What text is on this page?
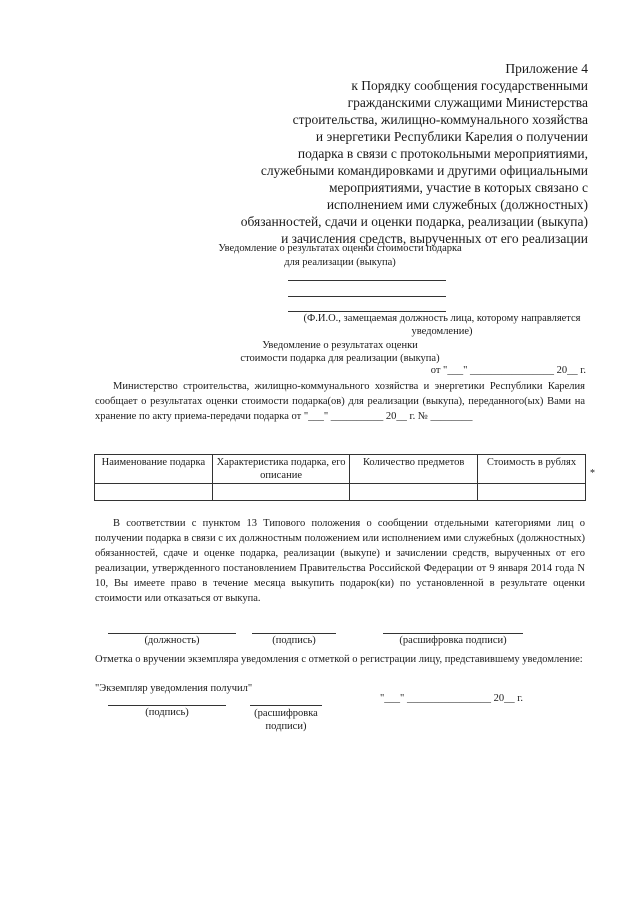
Приложение 4
к Порядку сообщения государственными
гражданскими служащими Министерства
строительства, жилищно-коммунального хозяйства
и энергетики Республики Карелия о получении
подарка в связи с протокольными мероприятиями,
служебными командировками и другими официальными
мероприятиями, участие в которых связано с
исполнением ими служебных (должностных)
обязанностей, сдачи и оценки подарка, реализации (выкупа)
и зачисления средств, вырученных от его реализации
Уведомление о результатах оценки стоимости подарка
для реализации (выкупа)
(Ф.И.О., замещаемая должность лица, которому направляется
уведомление)
Уведомление о результатах оценки
стоимости подарка для реализации (выкупа)
от "___" ________________ 20__ г.
Министерство строительства, жилищно-коммунального хозяйства и энергетики Республики Карелия сообщает о результатах оценки стоимости подарка(ов) для реализации (выкупа), переданного(ых) Вами на хранение по акту приема-передачи подарка от "___" __________ 20__ г. № ________
Наименование подарка	Характеристика подарка, его описание	Количество предметов	Стоимость в рублях

*
В соответствии с пунктом 13 Типового положения о сообщении отдельными категориями лиц о получении подарка в связи с их должностным положением или исполнением ими служебных (должностных) обязанностей, сдаче и оценке подарка, реализации (выкупе) и зачислении средств, вырученных от его реализации, утвержденного постановлением Правительства Российской Федерации от 9 января 2014 года N 10, Вы имеете право в течение месяца выкупить подарок(ки) по установленной в результате оценки стоимости или отказаться от выкупа.
(должность)	(подпись)	(расшифровка подписи)
Отметка о вручении экземпляра уведомления с отметкой о регистрации лицу, представившему уведомление:
"Экземпляр уведомления получил"
"___" ________________ 20__ г.
(подпись)	(расшифровка
подписи)
